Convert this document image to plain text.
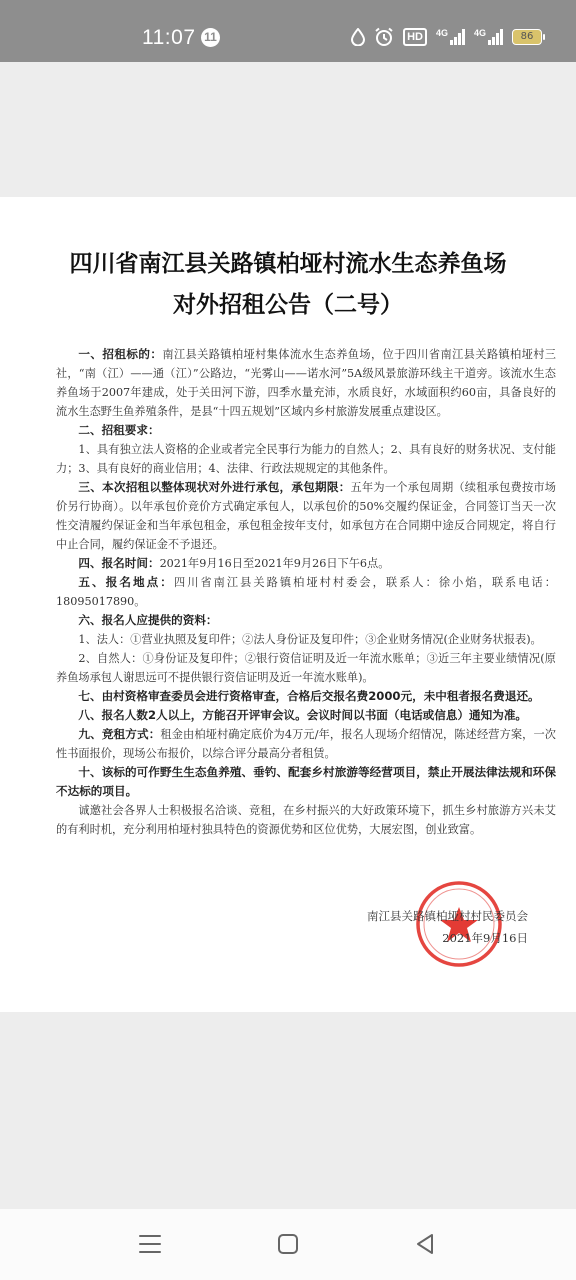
11:07 11	HD	4G	4G	86
四川省南江县关路镇柏垭村流水生态养鱼场
对外招租公告（二号）

一、招租标的：南江县关路镇柏垭村集体流水生态养鱼场，位于四川省南江县关路镇柏垭村三社，“南（江）——通（江）”公路边，“光雾山——诺水河”5A级风景旅游环线主干道旁。该流水生态养鱼场于2007年建成，处于关田河下游，四季水量充沛，水质良好，水域面积约60亩，具备良好的流水生态野生鱼养殖条件，是县“十四五规划”区域内乡村旅游发展重点建设区。

二、招租要求：

1、具有独立法人资格的企业或者完全民事行为能力的自然人；2、具有良好的财务状况、支付能力；3、具有良好的商业信用；4、法律、行政法规规定的其他条件。

三、本次招租以整体现状对外进行承包，承包期限：五年为一个承包周期（续租承包费按市场价另行协商）。以年承包价竞价方式确定承包人，以承包价的50%交履约保证金，合同签订当天一次性交清履约保证金和当年承包租金，承包租金按年支付，如承包方在合同期中途反合同规定，将自行中止合同，履约保证金不予退还。

四、报名时间：2021年9月16日至2021年9月26日下午6点。

五、报名地点：四川省南江县关路镇柏垭村村委会，联系人：徐小焰，联系电话：18095017890。

六、报名人应提供的资料：

1、法人：①营业执照及复印件；②法人身份证及复印件；③企业财务情况(企业财务状报表)。

2、自然人：①身份证及复印件；②银行资信证明及近一年流水账单；③近三年主要业绩情况(原养鱼场承包人谢思远可不提供银行资信证明及近一年流水账单)。

七、由村资格审查委员会进行资格审查，合格后交报名费2000元，未中租者报名费退还。

八、报名人数2人以上，方能召开评审会议。会议时间以书面（电话或信息）通知为准。

九、竞租方式：租金由柏垭村确定底价为4万元/年，报名人现场介绍情况，陈述经营方案，一次性书面报价，现场公布报价，以综合评分最高分者租赁。

十、该标的可作野生生态鱼养殖、垂钓、配套乡村旅游等经营项目，禁止开展法律法规和环保不达标的项目。

诚邀社会各界人士积极报名洽谈、竞租，在乡村振兴的大好政策环境下，抓生乡村旅游方兴未艾的有利时机，充分利用柏垭村独具特色的资源优势和区位优势，大展宏图，创业致富。

南江县关路镇柏垭村村民委员会
2021年9月16日
